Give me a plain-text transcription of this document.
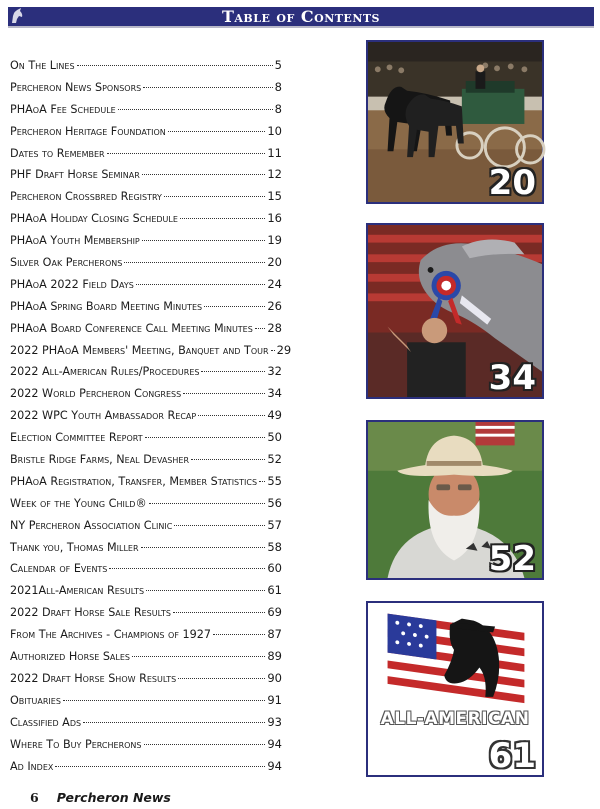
Table of Contents
On The Lines	5
Percheron News Sponsors	8
PHAoA Fee Schedule	8
Percheron Heritage Foundation	10
Dates to Remember	11
PHF Draft Horse Seminar	12
Percheron Crossbred Registry	15
PHAoA Holiday Closing Schedule	16
PHAoA Youth Membership	19
Silver Oak Percherons	20
PHAoA 2022 Field Days	24
PHAoA Spring Board Meeting Minutes	26
PHAoA Board Conference Call Meeting Minutes 28
2022 PHAoA Members' Meeting, Banquet and Tour 29
2022 All-American Rules/Procedures	32
2022 World Percheron Congress	34
2022 WPC Youth Ambassador Recap	49
Election Committee Report	50
Bristle Ridge Farms, Neal Devasher	52
PHAoA Registration, Transfer, Member Statistics 55
Week of the Young Child®	56
NY Percheron Association Clinic	57
Thank you, Thomas Miller	58
Calendar of Events	60
2021All-American Results	61
2022 Draft Horse Sale Results	69
From The Archives - Champions of 1927	87
Authorized Horse Sales	89
2022 Draft Horse Show Results	90
Obituaries	91
Classified Ads	93
Where To Buy Percherons	94
Ad Index	94
20
34
52
ALL-AMERICAN
61
6 Percheron News
